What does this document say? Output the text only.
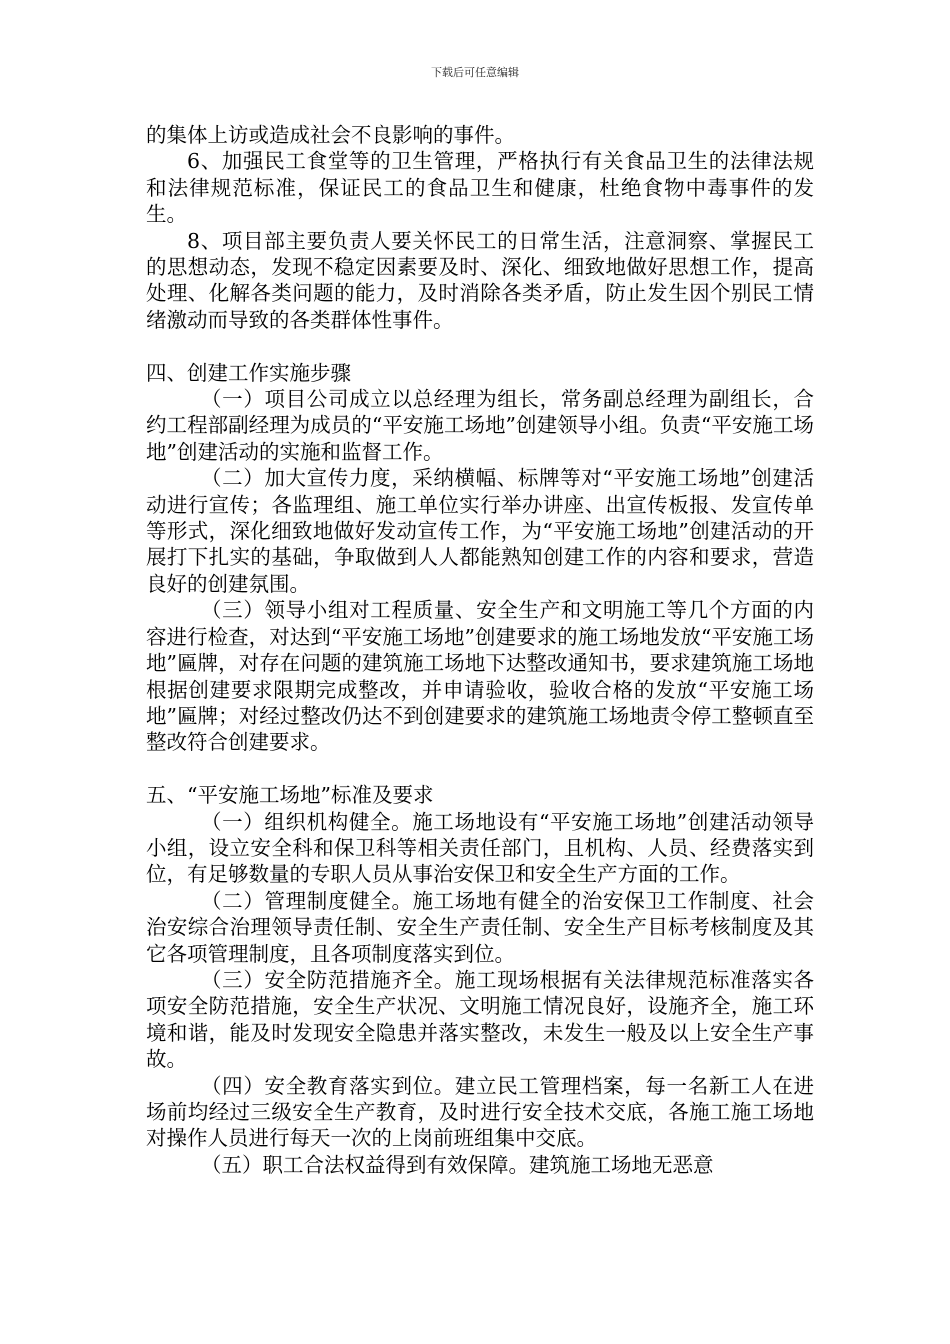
下载后可任意编辑

的集体上访或造成社会不良影响的事件。

6、加强民工食堂等的卫生管理，严格执行有关食品卫生的法律法规和法律规范标准，保证民工的食品卫生和健康，杜绝食物中毒事件的发生。

8、项目部主要负责人要关怀民工的日常生活，注意洞察、掌握民工的思想动态，发现不稳定因素要及时、深化、细致地做好思想工作，提高处理、化解各类问题的能力，及时消除各类矛盾，防止发生因个别民工情绪激动而导致的各类群体性事件。

四、创建工作实施步骤

（一）项目公司成立以总经理为组长，常务副总经理为副组长，合约工程部副经理为成员的“平安施工场地”创建领导小组。负责“平安施工场地”创建活动的实施和监督工作。

（二）加大宣传力度，采纳横幅、标牌等对“平安施工场地”创建活动进行宣传；各监理组、施工单位实行举办讲座、出宣传板报、发宣传单等形式，深化细致地做好发动宣传工作，为“平安施工场地”创建活动的开展打下扎实的基础，争取做到人人都能熟知创建工作的内容和要求，营造良好的创建氛围。

（三）领导小组对工程质量、安全生产和文明施工等几个方面的内容进行检查，对达到“平安施工场地”创建要求的施工场地发放“平安施工场地”匾牌，对存在问题的建筑施工场地下达整改通知书，要求建筑施工场地根据创建要求限期完成整改，并申请验收，验收合格的发放“平安施工场地”匾牌；对经过整改仍达不到创建要求的建筑施工场地责令停工整顿直至整改符合创建要求。

五、“平安施工场地”标准及要求

（一）组织机构健全。施工场地设有“平安施工场地”创建活动领导小组，设立安全科和保卫科等相关责任部门，且机构、人员、经费落实到位，有足够数量的专职人员从事治安保卫和安全生产方面的工作。

（二）管理制度健全。施工场地有健全的治安保卫工作制度、社会治安综合治理领导责任制、安全生产责任制、安全生产目标考核制度及其它各项管理制度，且各项制度落实到位。

（三）安全防范措施齐全。施工现场根据有关法律规范标准落实各项安全防范措施，安全生产状况、文明施工情况良好，设施齐全，施工环境和谐，能及时发现安全隐患并落实整改，未发生一般及以上安全生产事故。

（四）安全教育落实到位。建立民工管理档案，每一名新工人在进场前均经过三级安全生产教育，及时进行安全技术交底，各施工施工场地对操作人员进行每天一次的上岗前班组集中交底。

（五）职工合法权益得到有效保障。建筑施工场地无恶意
